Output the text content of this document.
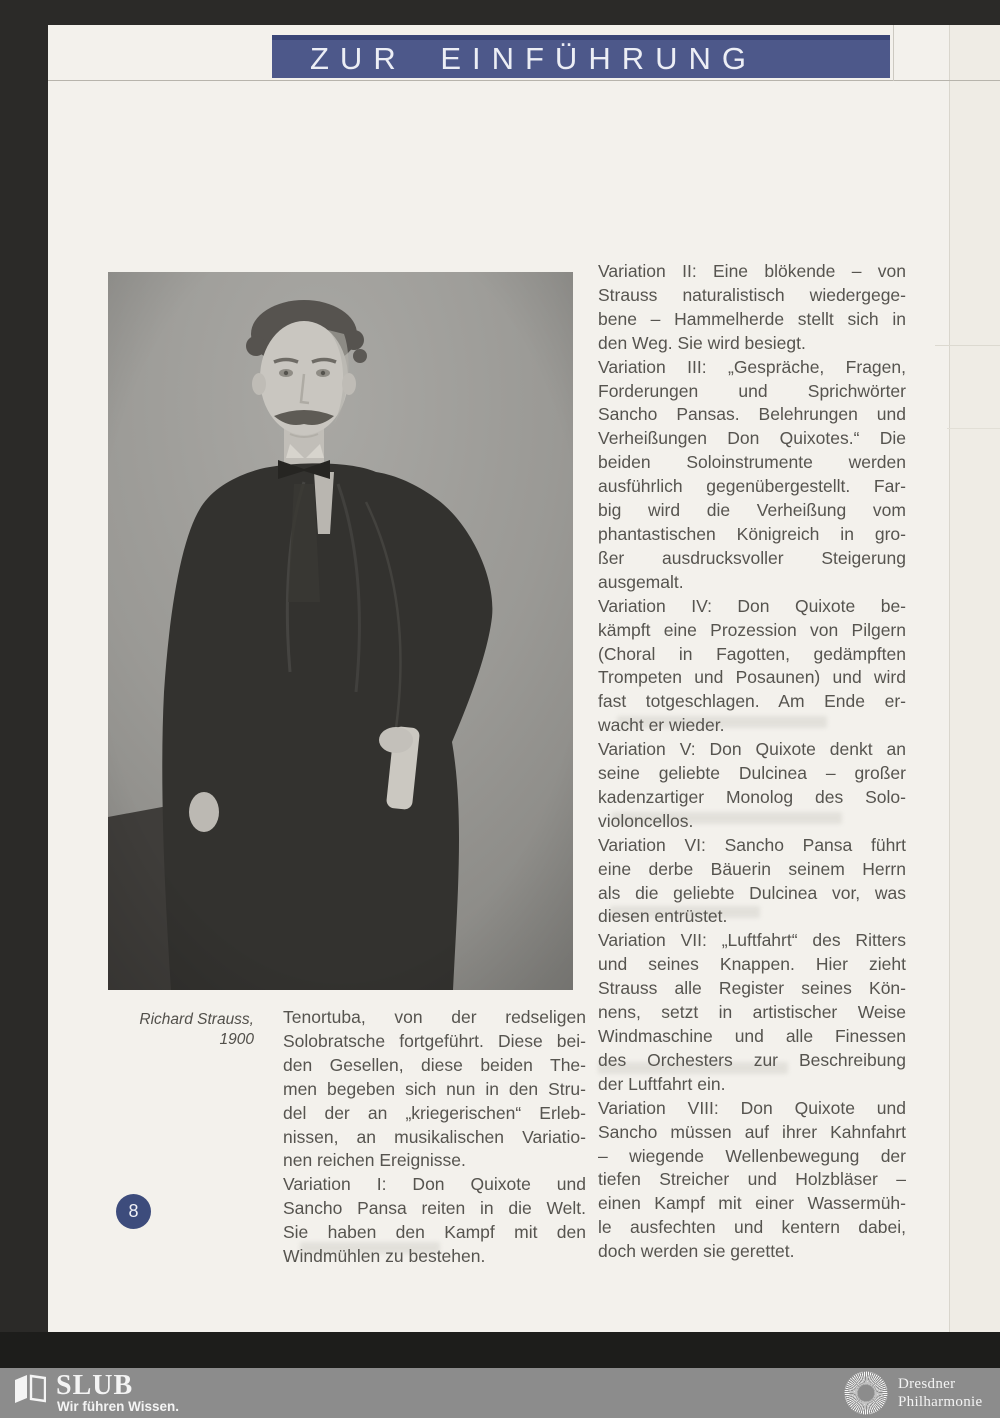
ZUR EINFÜHRUNG
Richard Strauss,
1900
Tenortuba, von der redseligen
Solobratsche fortgeführt. Diese bei-
den Gesellen, diese beiden The-
men begeben sich nun in den Stru-
del der an „kriegerischen“ Erleb-
nissen, an musikalischen Variatio-
nen reichen Ereignisse.
Variation I: Don Quixote und
Sancho Pansa reiten in die Welt.
Sie haben den Kampf mit den
Windmühlen zu bestehen.
Variation II: Eine blökende – von
Strauss naturalistisch wiedergege-
bene – Hammelherde stellt sich in
den Weg. Sie wird besiegt.
Variation III: „Gespräche, Fragen,
Forderungen und Sprichwörter
Sancho Pansas. Belehrungen und
Verheißungen Don Quixotes.“ Die
beiden Soloinstrumente werden
ausführlich gegenübergestellt. Far-
big wird die Verheißung vom
phantastischen Königreich in gro-
ßer ausdrucksvoller Steigerung
ausgemalt.
Variation IV: Don Quixote be-
kämpft eine Prozession von Pilgern
(Choral in Fagotten, gedämpften
Trompeten und Posaunen) und wird
fast totgeschlagen. Am Ende er-
wacht er wieder.
Variation V: Don Quixote denkt an
seine geliebte Dulcinea – großer
kadenzartiger Monolog des Solo-
violoncellos.
Variation VI: Sancho Pansa führt
eine derbe Bäuerin seinem Herrn
als die geliebte Dulcinea vor, was
diesen entrüstet.
Variation VII: „Luftfahrt“ des Ritters
und seines Knappen. Hier zieht
Strauss alle Register seines Kön-
nens, setzt in artistischer Weise
Windmaschine und alle Finessen
des Orchesters zur Beschreibung
der Luftfahrt ein.
Variation VIII: Don Quixote und
Sancho müssen auf ihrer Kahnfahrt
– wiegende Wellenbewegung der
tiefen Streicher und Holzbläser –
einen Kampf mit einer Wassermüh-
le ausfechten und kentern dabei,
doch werden sie gerettet.
8
SLUB
Wir führen Wissen.
Dresdner
Philharmonie
